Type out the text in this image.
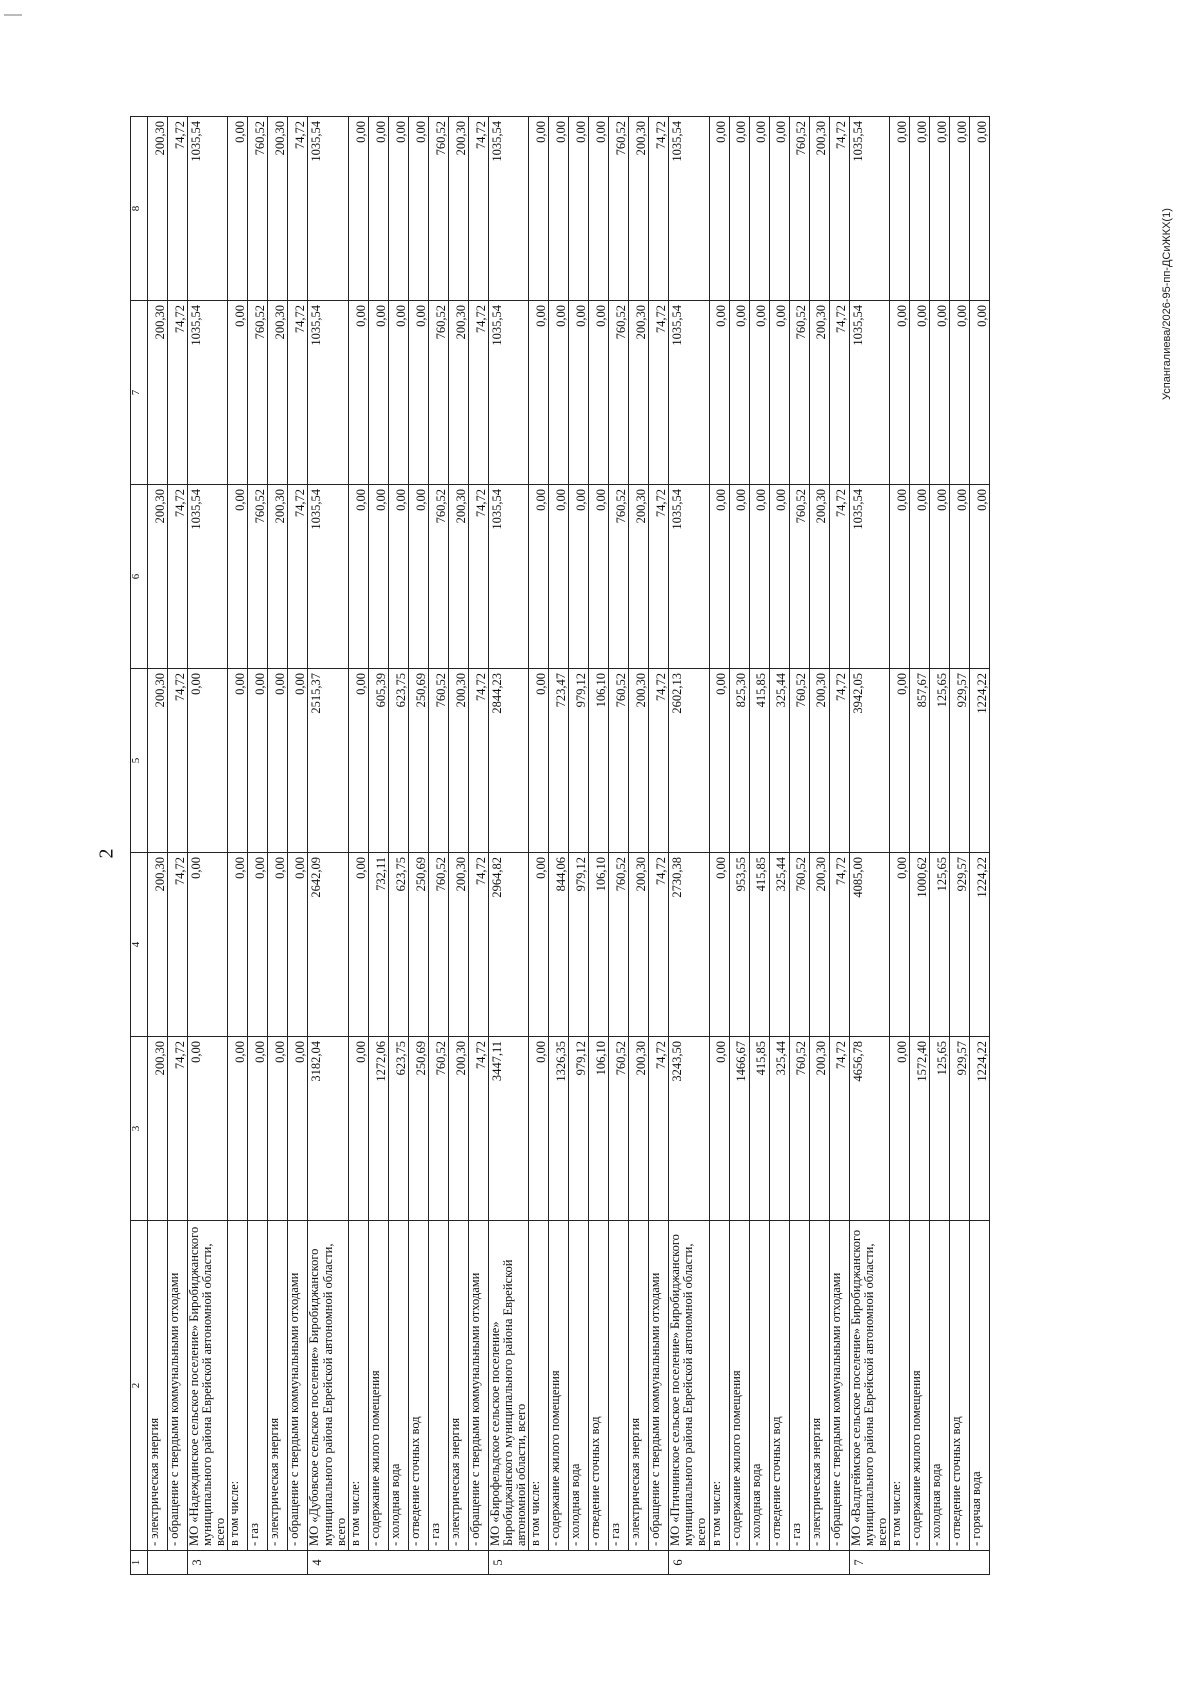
2
Успангалиева/2026-95-пп-ДСиЖКХ(1)
1	2	3	4	5	6	7	8
	- электрическая энергия	200,30	200,30	200,30	200,30	200,30	200,30
	- обращение с твердыми коммунальными отходами	74,72	74,72	74,72	74,72	74,72	74,72
3	МО «Надеждинское сельское поселение» Биробиджанского муниципального района Еврейской автономной области, всего	0,00	0,00	0,00	1035,54	1035,54	1035,54
	в том числе:	0,00	0,00	0,00	0,00	0,00	0,00
	- газ	0,00	0,00	0,00	760,52	760,52	760,52
	- электрическая энергия	0,00	0,00	0,00	200,30	200,30	200,30
	- обращение с твердыми коммунальными отходами	0,00	0,00	0,00	74,72	74,72	74,72
4	МО «Дубовское сельское поселение» Биробиджанского муниципального района Еврейской автономной области, всего	3182,04	2642,09	2515,37	1035,54	1035,54	1035,54
	в том числе:	0,00	0,00	0,00	0,00	0,00	0,00
	- содержание жилого помещения	1272,06	732,11	605,39	0,00	0,00	0,00
	- холодная вода	623,75	623,75	623,75	0,00	0,00	0,00
	- отведение сточных вод	250,69	250,69	250,69	0,00	0,00	0,00
	- газ	760,52	760,52	760,52	760,52	760,52	760,52
	- электрическая энергия	200,30	200,30	200,30	200,30	200,30	200,30
	- обращение с твердыми коммунальными отходами	74,72	74,72	74,72	74,72	74,72	74,72
5	МО «Бирофельдское сельское поселение» Биробиджанского муниципального района Еврейской автономной области, всего	3447,11	2964,82	2844,23	1035,54	1035,54	1035,54
	в том числе:	0,00	0,00	0,00	0,00	0,00	0,00
	- содержание жилого помещения	1326,35	844,06	723,47	0,00	0,00	0,00
	- холодная вода	979,12	979,12	979,12	0,00	0,00	0,00
	- отведение сточных вод	106,10	106,10	106,10	0,00	0,00	0,00
	- газ	760,52	760,52	760,52	760,52	760,52	760,52
	- электрическая энергия	200,30	200,30	200,30	200,30	200,30	200,30
	- обращение с твердыми коммунальными отходами	74,72	74,72	74,72	74,72	74,72	74,72
6	МО «Птичнинское сельское поселение» Биробиджанского муниципального района Еврейской автономной области, всего	3243,50	2730,38	2602,13	1035,54	1035,54	1035,54
	в том числе:	0,00	0,00	0,00	0,00	0,00	0,00
	- содержание жилого помещения	1466,67	953,55	825,30	0,00	0,00	0,00
	- холодная вода	415,85	415,85	415,85	0,00	0,00	0,00
	- отведение сточных вод	325,44	325,44	325,44	0,00	0,00	0,00
	- газ	760,52	760,52	760,52	760,52	760,52	760,52
	- электрическая энергия	200,30	200,30	200,30	200,30	200,30	200,30
	- обращение с твердыми коммунальными отходами	74,72	74,72	74,72	74,72	74,72	74,72
7	МО «Валдгеймское сельское поселение» Биробиджанского муниципального района Еврейской автономной области, всего	4656,78	4085,00	3942,05	1035,54	1035,54	1035,54
	в том числе:	0,00	0,00	0,00	0,00	0,00	0,00
	- содержание жилого помещения	1572,40	1000,62	857,67	0,00	0,00	0,00
	- холодная вода	125,65	125,65	125,65	0,00	0,00	0,00
	- отведение сточных вод	929,57	929,57	929,57	0,00	0,00	0,00
	- горячая вода	1224,22	1224,22	1224,22	0,00	0,00	0,00
